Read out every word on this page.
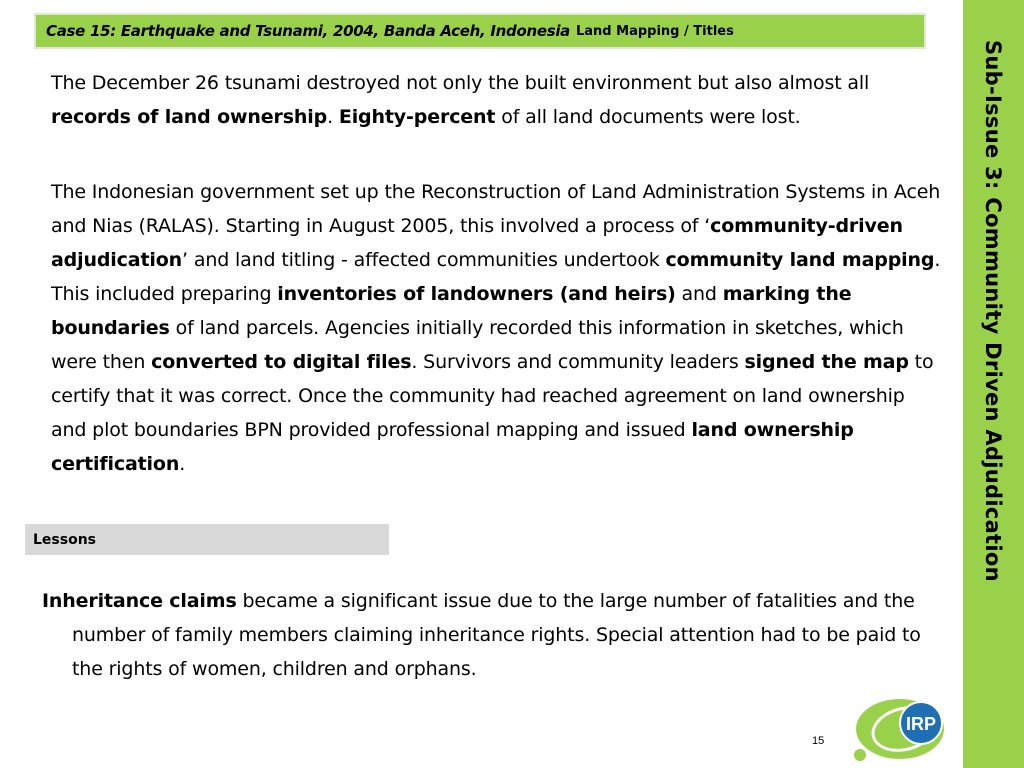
Case 15: Earthquake and Tsunami, 2004, Banda Aceh, Indonesia Land Mapping / Titles
Sub-Issue 3: Community Driven Adjudication

The December 26 tsunami destroyed not only the built environment but also almost all records of land ownership. Eighty-percent of all land documents were lost.

The Indonesian government set up the Reconstruction of Land Administration Systems in Aceh and Nias (RALAS). Starting in August 2005, this involved a process of ‘community-driven adjudication’ and land titling - affected communities undertook community land mapping. This included preparing inventories of landowners (and heirs) and marking the boundaries of land parcels. Agencies initially recorded this information in sketches, which were then converted to digital files. Survivors and community leaders signed the map to certify that it was correct. Once the community had reached agreement on land ownership and plot boundaries BPN provided professional mapping and issued land ownership certification.

Lessons

Inheritance claims became a significant issue due to the large number of fatalities and the number of family members claiming inheritance rights. Special attention had to be paid to the rights of women, children and orphans.

15
IRP
